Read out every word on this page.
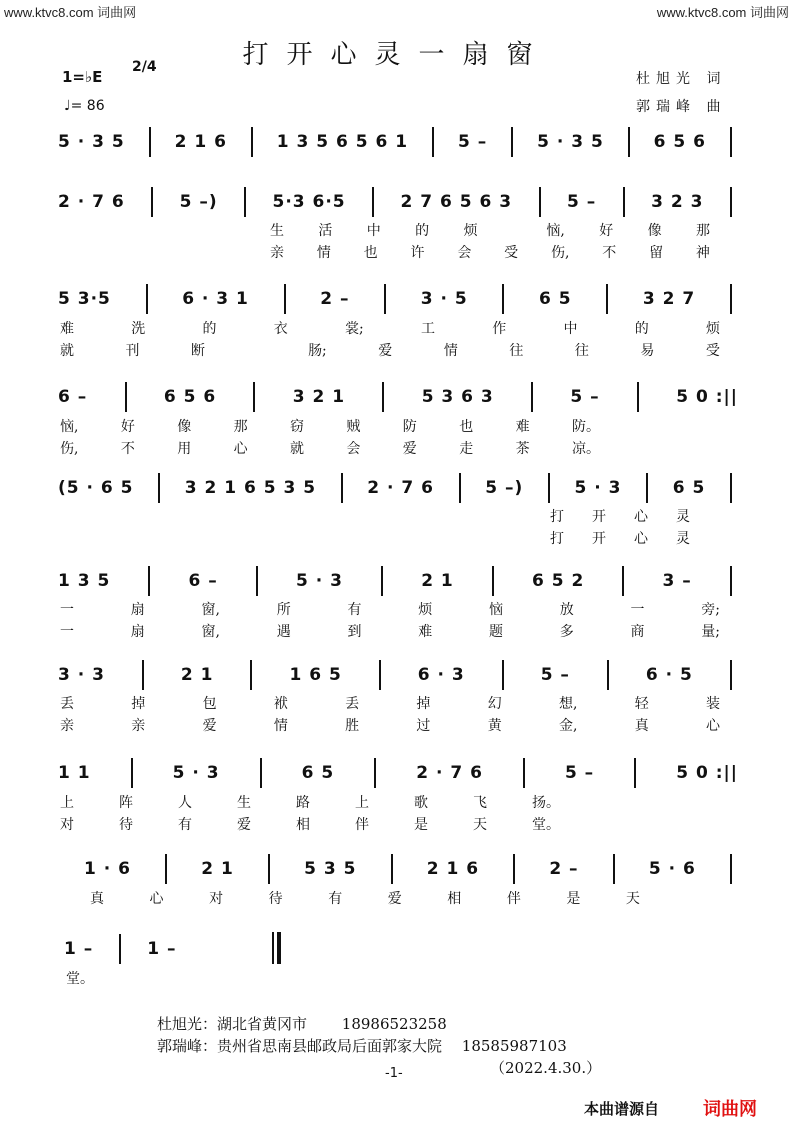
www.ktvc8.com 词曲网	www.ktvc8.com 词曲网
打开心灵一扇窗
1=♭E
2/4
♩= 86
杜旭光 词
郭瑞峰 曲
5 · 3 5	2 1 6	1 3 5 6 5 6 1	5 –	5 · 3 5	6 5 6
2 · 7 6	5 –)	5·3 6·5	2 7 6 5 6 3	5 –	3 2 3
生 活 中 的 烦	恼, 好 像 那
亲 情 也 许 会 受 伤, 不 留 神
5 3·5	6 · 3 1	2 –	3 · 5	6 5	3 2 7
难	洗	的	衣	裳;	工	作	中	的	烦
就	刊	断	肠;	爱	情	往	往	易	受
6 –	6 5 6	3 2 1	5 3 6 3	5 –	5 0 :||
恼,	好	像	那	窃	贼	防	也	难	防。
伤,	不	用	心	就	会	爱	走	茶	凉。
(5 · 6 5	3 2 1 6 5 3 5	2 · 7 6	5 –)	5 · 3	6 5
打 开 心 灵
打 开 心 灵
1 3 5	6 –	5 · 3	2 1	6 5 2	3 –
一	扇	窗,	所	有	烦	恼	放	一	旁;
一	扇	窗,	遇	到	难	题	多	商	量;
3 · 3	2 1	1 6 5	6 · 3	5 –	6 · 5
丢	掉	包	袱	丢	掉	幻	想,	轻	装
亲	亲	爱	情	胜	过	黄	金,	真	心
1 1	5 · 3	6 5	2 · 7 6	5 –	5 0 :||
上	阵	人	生	路	上	歌	飞	扬。
对	待	有	爱	相	伴	是	天	堂。
1 · 6	2 1	5 3 5	2 1 6	2 –	5 · 6
真	心	对	待	有	爱	相	伴	是	天
1 –	1 –
堂。
杜旭光：湖北省黄冈市　　 18986523258
郭瑞峰：贵州省思南县邮政局后面郭家大院　 18585987103
（2022.4.30.）
-1-
本曲谱源自 词曲网
